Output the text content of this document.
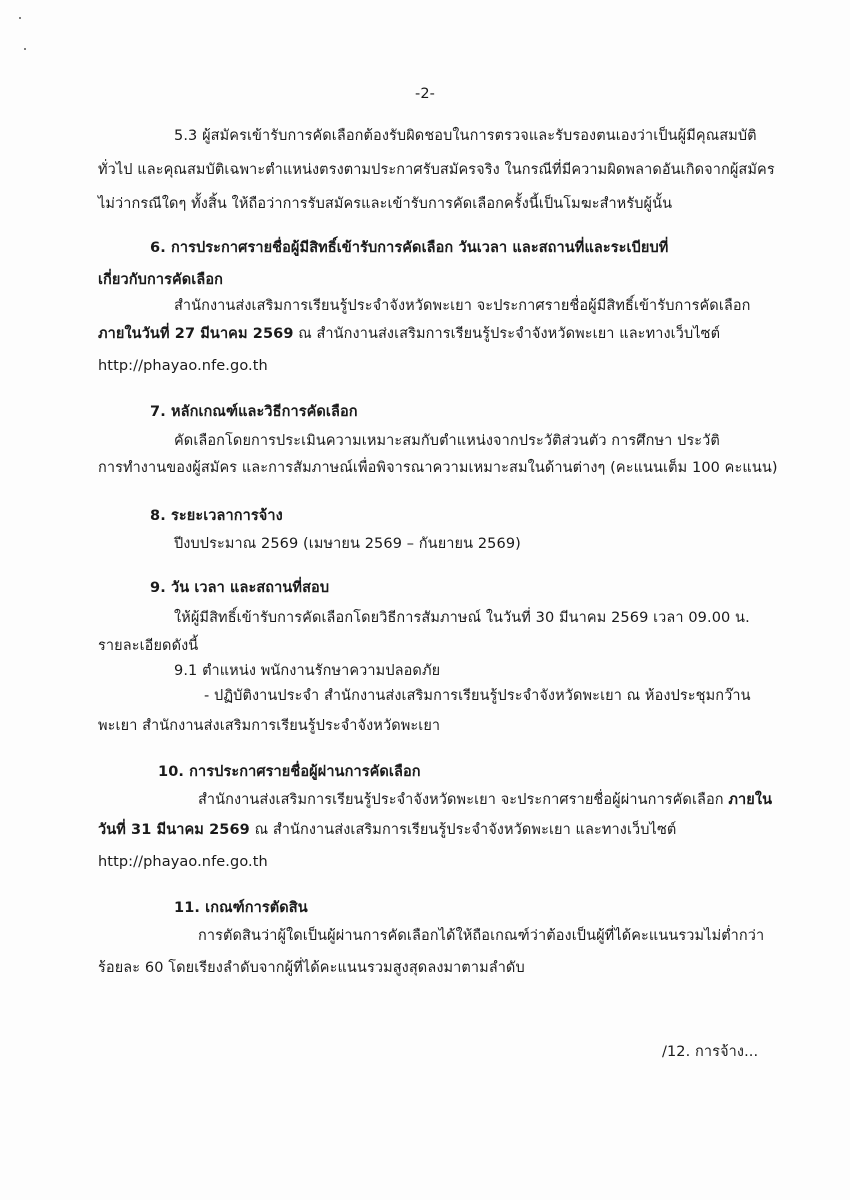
-2-
5.3 ผู้สมัครเข้ารับการคัดเลือกต้องรับผิดชอบในการตรวจและรับรองตนเองว่าเป็นผู้มีคุณสมบัติ
ทั่วไป และคุณสมบัติเฉพาะตำแหน่งตรงตามประกาศรับสมัครจริง ในกรณีที่มีความผิดพลาดอันเกิดจากผู้สมัคร
ไม่ว่ากรณีใดๆ ทั้งสิ้น ให้ถือว่าการรับสมัครและเข้ารับการคัดเลือกครั้งนี้เป็นโมฆะสำหรับผู้นั้น
6. การประกาศรายชื่อผู้มีสิทธิ์เข้ารับการคัดเลือก วันเวลา และสถานที่และระเบียบที่
เกี่ยวกับการคัดเลือก
สำนักงานส่งเสริมการเรียนรู้ประจำจังหวัดพะเยา จะประกาศรายชื่อผู้มีสิทธิ์เข้ารับการคัดเลือก
ภายในวันที่ 27 มีนาคม 2569 ณ สำนักงานส่งเสริมการเรียนรู้ประจำจังหวัดพะเยา และทางเว็บไซต์
http://phayao.nfe.go.th
7. หลักเกณฑ์และวิธีการคัดเลือก
คัดเลือกโดยการประเมินความเหมาะสมกับตำแหน่งจากประวัติส่วนตัว การศึกษา ประวัติ
การทำงานของผู้สมัคร และการสัมภาษณ์เพื่อพิจารณาความเหมาะสมในด้านต่างๆ (คะแนนเต็ม 100 คะแนน)
8. ระยะเวลาการจ้าง
ปีงบประมาณ 2569 (เมษายน 2569 – กันยายน 2569)
9. วัน เวลา และสถานที่สอบ
ให้ผู้มีสิทธิ์เข้ารับการคัดเลือกโดยวิธีการสัมภาษณ์ ในวันที่ 30 มีนาคม 2569 เวลา 09.00 น.
รายละเอียดดังนี้
9.1 ตำแหน่ง พนักงานรักษาความปลอดภัย
- ปฏิบัติงานประจำ สำนักงานส่งเสริมการเรียนรู้ประจำจังหวัดพะเยา ณ ห้องประชุมกว๊าน
พะเยา สำนักงานส่งเสริมการเรียนรู้ประจำจังหวัดพะเยา
10. การประกาศรายชื่อผู้ผ่านการคัดเลือก
สำนักงานส่งเสริมการเรียนรู้ประจำจังหวัดพะเยา จะประกาศรายชื่อผู้ผ่านการคัดเลือก ภายใน
วันที่ 31 มีนาคม 2569 ณ สำนักงานส่งเสริมการเรียนรู้ประจำจังหวัดพะเยา และทางเว็บไซต์
http://phayao.nfe.go.th
11. เกณฑ์การตัดสิน
การตัดสินว่าผู้ใดเป็นผู้ผ่านการคัดเลือกได้ให้ถือเกณฑ์ว่าต้องเป็นผู้ที่ได้คะแนนรวมไม่ต่ำกว่า
ร้อยละ 60 โดยเรียงลำดับจากผู้ที่ได้คะแนนรวมสูงสุดลงมาตามลำดับ
/12. การจ้าง...
